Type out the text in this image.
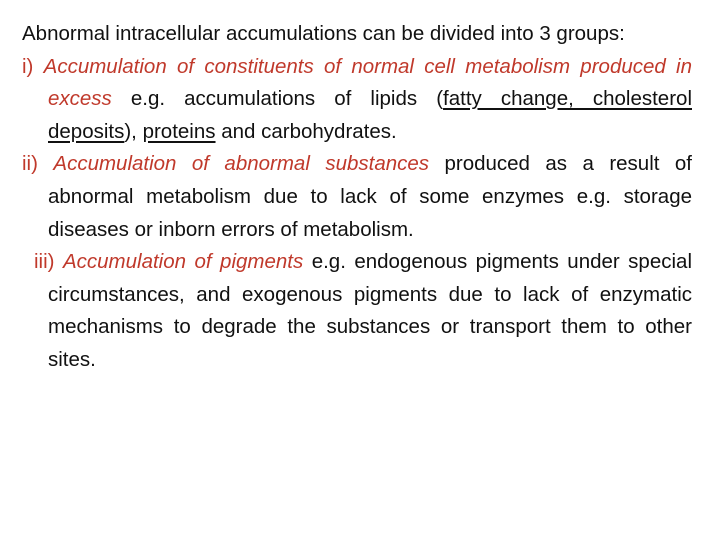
Abnormal intracellular accumulations can be divided into 3 groups:

i) Accumulation of constituents of normal cell metabolism produced in excess e.g. accumulations of lipids (fatty change, cholesterol deposits), proteins and carbohydrates.

ii) Accumulation of abnormal substances produced as a result of abnormal metabolism due to lack of some enzymes e.g. storage diseases or inborn errors of metabolism.

iii) Accumulation of pigments e.g. endogenous pigments under special circumstances, and exogenous pigments due to lack of enzymatic mechanisms to degrade the substances or transport them to other sites.
